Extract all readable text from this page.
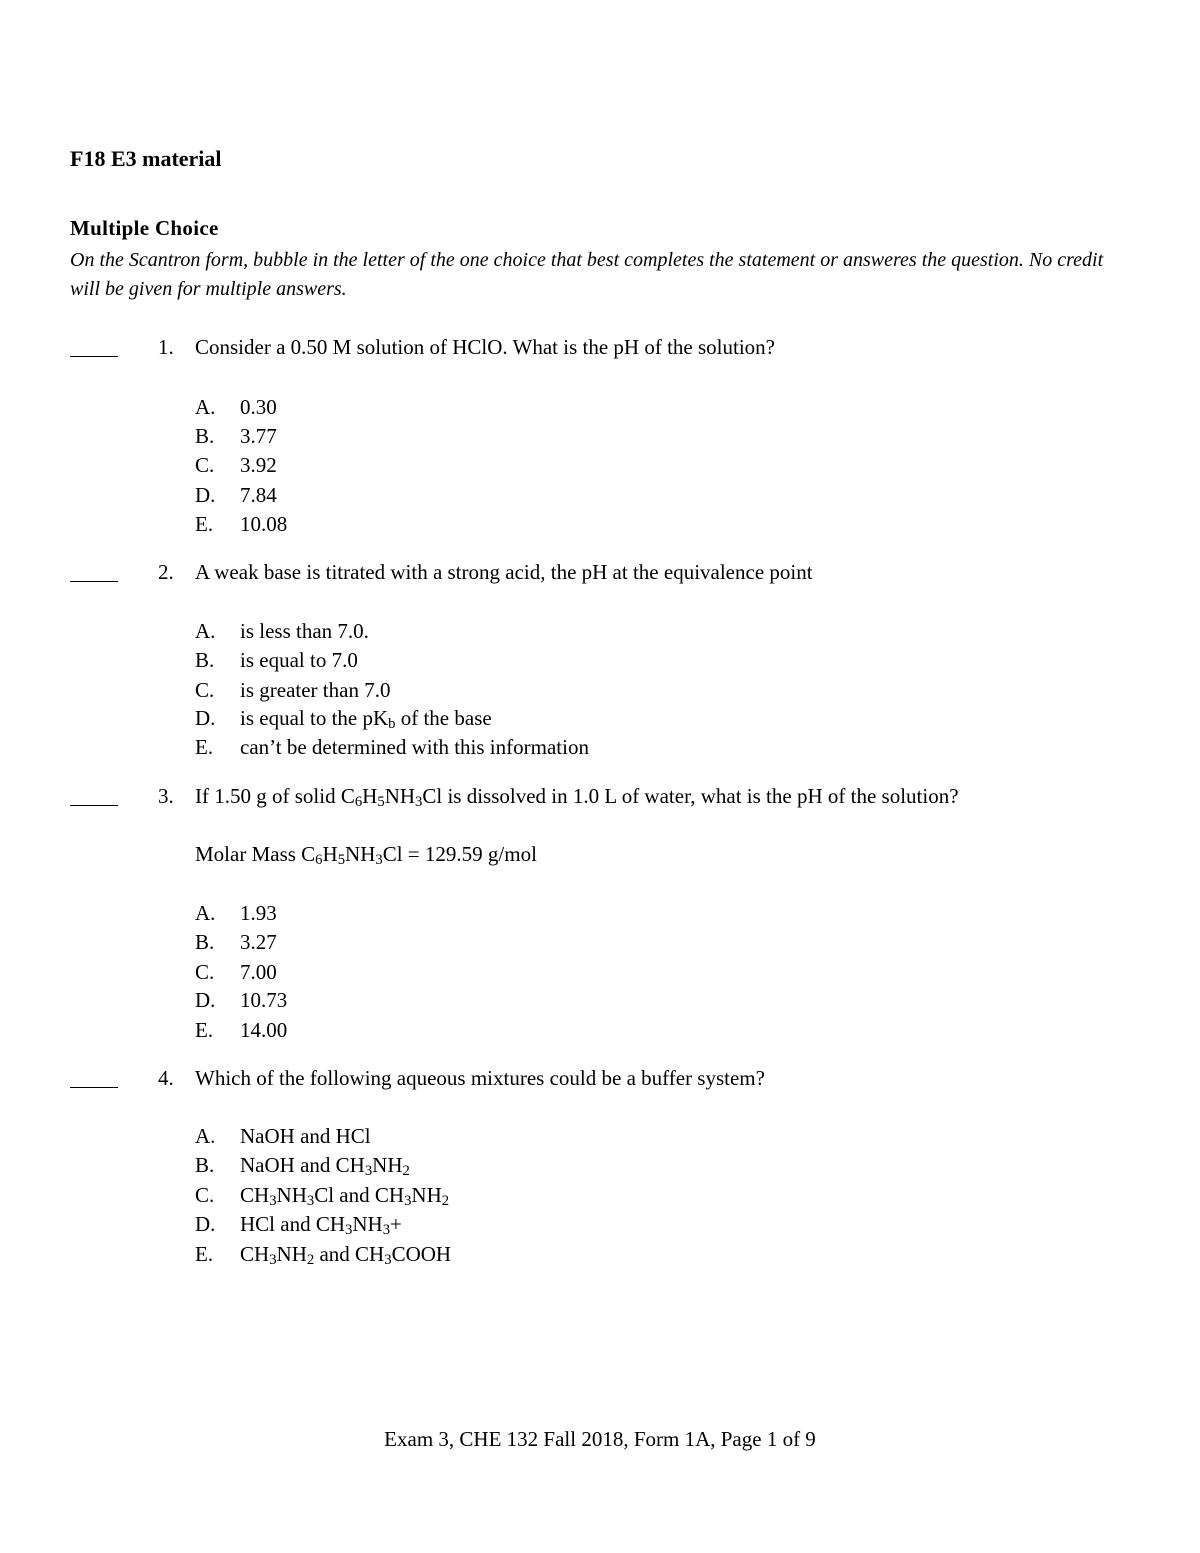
F18 E3 material
Multiple Choice
On the Scantron form, bubble in the letter of the one choice that best completes the statement or answeres the question. No credit will be given for multiple answers.
1. Consider a 0.50 M solution of HClO. What is the pH of the solution?
A. 0.30
B. 3.77
C. 3.92
D. 7.84
E. 10.08
2. A weak base is titrated with a strong acid, the pH at the equivalence point
A. is less than 7.0.
B. is equal to 7.0
C. is greater than 7.0
D. is equal to the $pK_b$ of the base
E. can’t be determined with this information
3. If 1.50 g of solid $C_6H_5NH_3Cl$ is dissolved in 1.0 L of water, what is the pH of the solution?
Molar Mass $C_6H_5NH_3Cl = 129.59$ g/mol
A. 1.93
B. 3.27
C. 7.00
D. 10.73
E. 14.00
4. Which of the following aqueous mixtures could be a buffer system?
A. NaOH and HCl
B. NaOH and $CH_3NH_2$
C. $CH_3NH_3Cl$ and $CH_3NH_2$
D. HCl and $CH_3NH_3+$
E. $CH_3NH_2$ and $CH_3COOH$
Exam 3, CHE 132 Fall 2018, Form 1A, Page 1 of 9
